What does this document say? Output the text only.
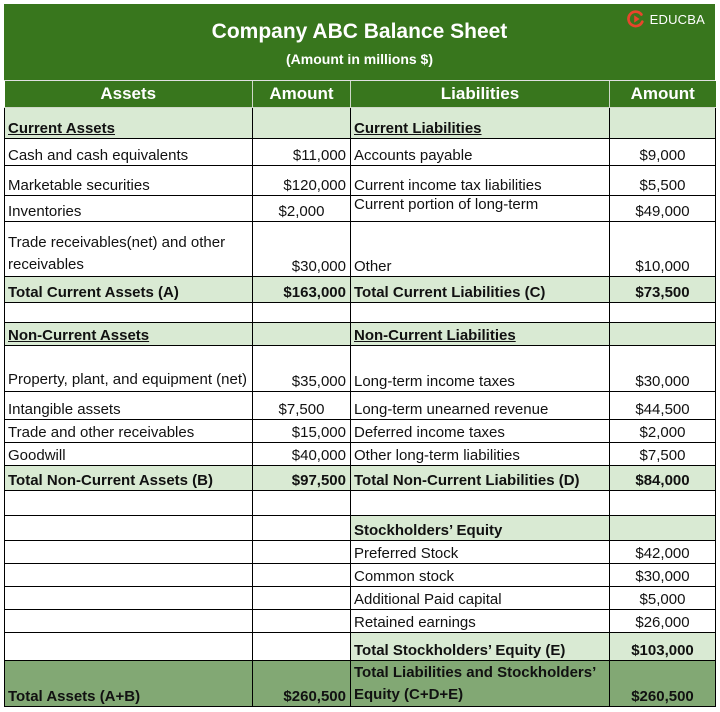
Company ABC Balance Sheet
(Amount in millions $)
EDUCBA
Assets	Amount	Liabilities	Amount
Current Assets		Current Liabilities	
Cash and cash equivalents	$11,000	Accounts payable	$9,000
Marketable securities	$120,000	Current income tax liabilities	$5,500
Inventories	$2,000	Current portion of long-term	$49,000
Trade receivables(net) and other receivables	$30,000	Other	$10,000
Total Current Assets (A)	$163,000	Total Current Liabilities (C)	$73,500

Non-Current Assets		Non-Current Liabilities	
Property, plant, and equipment (net)	$35,000	Long-term income taxes	$30,000
Intangible assets	$7,500	Long-term unearned revenue	$44,500
Trade and other receivables	$15,000	Deferred income taxes	$2,000
Goodwill	$40,000	Other long-term liabilities	$7,500
Total Non-Current Assets (B)	$97,500	Total Non-Current Liabilities (D)	$84,000

		Stockholders’ Equity	
		Preferred Stock	$42,000
		Common stock	$30,000
		Additional Paid capital	$5,000
		Retained earnings	$26,000
		Total Stockholders’ Equity (E)	$103,000
Total Assets (A+B)	$260,500	Total Liabilities and Stockholders’ Equity (C+D+E)	$260,500
